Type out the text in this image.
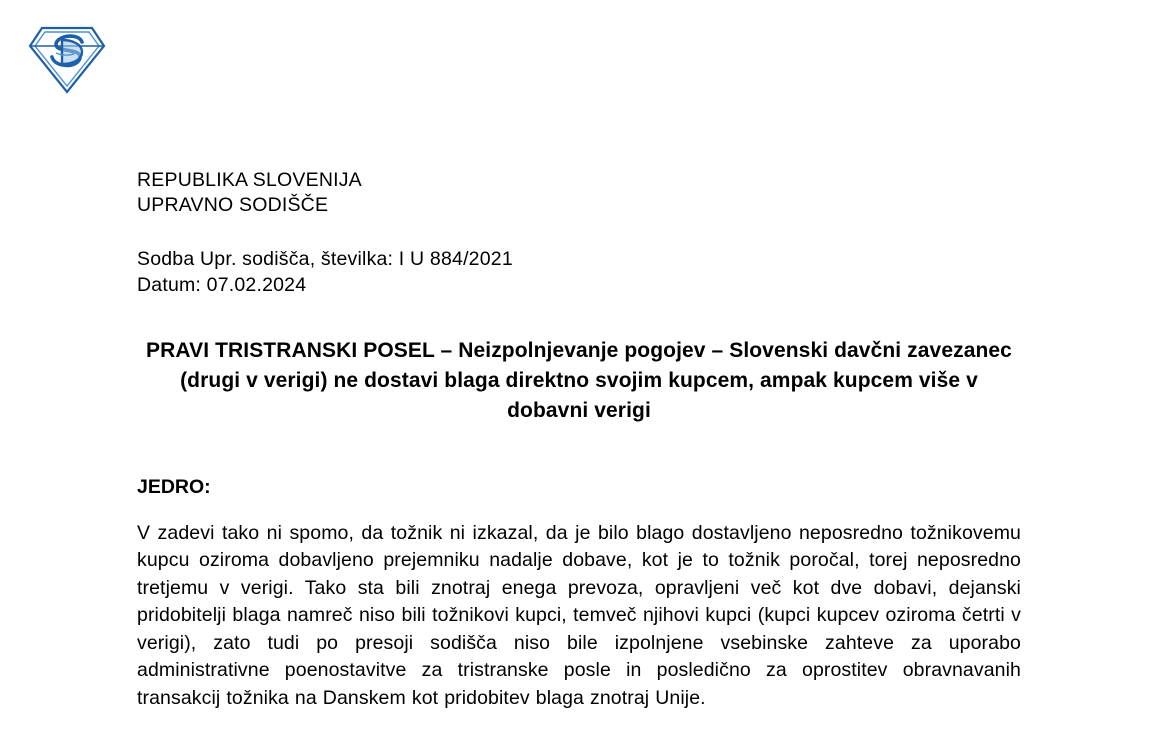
REPUBLIKA SLOVENIJA
UPRAVNO SODIŠČE
Sodba Upr. sodišča, številka: I U 884/2021
Datum: 07.02.2024
PRAVI TRISTRANSKI POSEL – Neizpolnjevanje pogojev – Slovenski davčni zavezanec (drugi v verigi) ne dostavi blaga direktno svojim kupcem, ampak kupcem više v dobavni verigi
JEDRO:

V zadevi tako ni spomo, da tožnik ni izkazal, da je bilo blago dostavljeno neposredno tožnikovemu kupcu oziroma dobavljeno prejemniku nadalje dobave, kot je to tožnik poročal, torej neposredno tretjemu v verigi. Tako sta bili znotraj enega prevoza, opravljeni več kot dve dobavi, dejanski pridobitelji blaga namreč niso bili tožnikovi kupci, temveč njihovi kupci (kupci kupcev oziroma četrti v verigi), zato tudi po presoji sodišča niso bile izpolnjene vsebinske zahteve za uporabo administrativne poenostavitve za tristranske posle in posledično za oprostitev obravnavanih transakcij tožnika na Danskem kot pridobitev blaga znotraj Unije.
